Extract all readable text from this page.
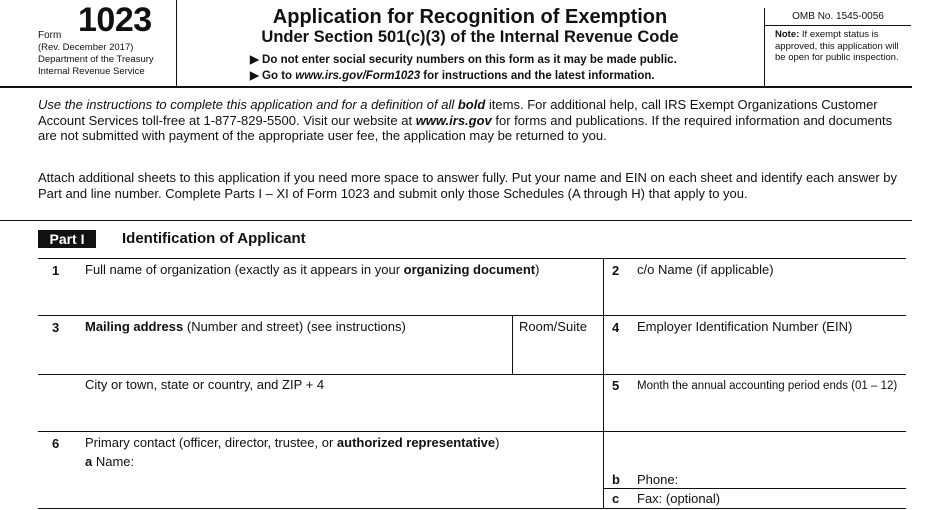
Form 1023
(Rev. December 2017)
Department of the Treasury
Internal Revenue Service
Application for Recognition of Exemption
Under Section 501(c)(3) of the Internal Revenue Code
▶ Do not enter social security numbers on this form as it may be made public.
▶ Go to www.irs.gov/Form1023 for instructions and the latest information.
OMB No. 1545-0056
Note: If exempt status is approved, this application will be open for public inspection.
Use the instructions to complete this application and for a definition of all bold items. For additional help, call IRS Exempt Organizations Customer Account Services toll-free at 1-877-829-5500. Visit our website at www.irs.gov for forms and publications. If the required information and documents are not submitted with payment of the appropriate user fee, the application may be returned to you.
Attach additional sheets to this application if you need more space to answer fully. Put your name and EIN on each sheet and identify each answer by Part and line number. Complete Parts I – XI of Form 1023 and submit only those Schedules (A through H) that apply to you.
Part I	Identification of Applicant
1 Full name of organization (exactly as it appears in your organizing document)	2 c/o Name (if applicable)
3 Mailing address (Number and street) (see instructions)	Room/Suite 4 Employer Identification Number (EIN)
City or town, state or country, and ZIP + 4	5 Month the annual accounting period ends (01 – 12)
6 Primary contact (officer, director, trustee, or authorized representative)
a Name:
b Phone:
c Fax: (optional)
